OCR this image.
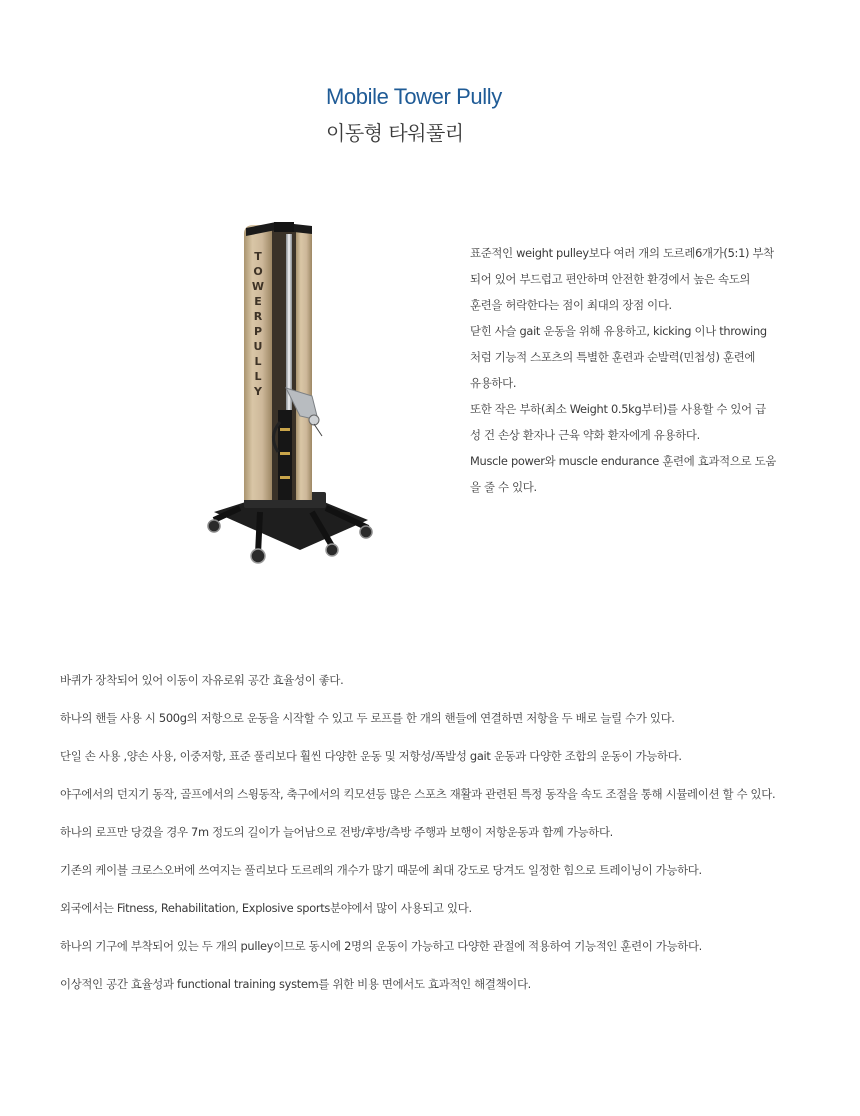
Mobile Tower Pully
이동형 타워풀리
T
O
W
E
R
P
U
L
L
Y
표준적인 weight pulley보다 여러 개의 도르레6개가(5:1) 부착
되어 있어 부드럽고 편안하며 안전한 환경에서 높은 속도의
훈련을 허락한다는 점이 최대의 장점 이다.
닫힌 사슬 gait 운동을 위해 유용하고, kicking 이나 throwing
처럼 기능적 스포츠의 특별한 훈련과 순발력(민첩성) 훈련에
유용하다.
또한 작은 부하(최소 Weight 0.5kg부터)를 사용할 수 있어 급
성 건 손상 환자나 근육 약화 환자에게 유용하다.
Muscle power와 muscle endurance 훈련에 효과적으로 도움
을 줄 수 있다.

바퀴가 장착되어 있어 이동이 자유로워 공간 효율성이 좋다.

하나의 핸들 사용 시 500g의 저항으로 운동을 시작할 수 있고 두 로프를 한 개의 핸들에 연결하면 저항을 두 배로 늘릴 수가 있다.

단일 손 사용 ,양손 사용, 이중저항, 표준 풀리보다 훨씬 다양한 운동 및 저항성/폭발성 gait 운동과 다양한 조합의 운동이 가능하다.

야구에서의 던지기 동작, 골프에서의 스윙동작, 축구에서의 킥모션등 많은 스포츠 재활과 관련된 특정 동작을 속도 조절을 통해 시뮬레이션 할 수 있다.

하나의 로프만 당겼을 경우 7m 정도의 길이가 늘어남으로 전방/후방/측방 주행과 보행이 저항운동과 함께 가능하다.

기존의 케이블 크로스오버에 쓰여지는 풀리보다 도르레의 개수가 많기 때문에 최대 강도로 당겨도 일정한 힘으로 트레이닝이 가능하다.

외국에서는 Fitness, Rehabilitation, Explosive sports분야에서 많이 사용되고 있다.

하나의 기구에 부착되어 있는 두 개의 pulley이므로 동시에 2명의 운동이 가능하고 다양한 관절에 적용하여 기능적인 훈련이 가능하다.

이상적인 공간 효율성과 functional training system를 위한 비용 면에서도 효과적인 해결책이다.
